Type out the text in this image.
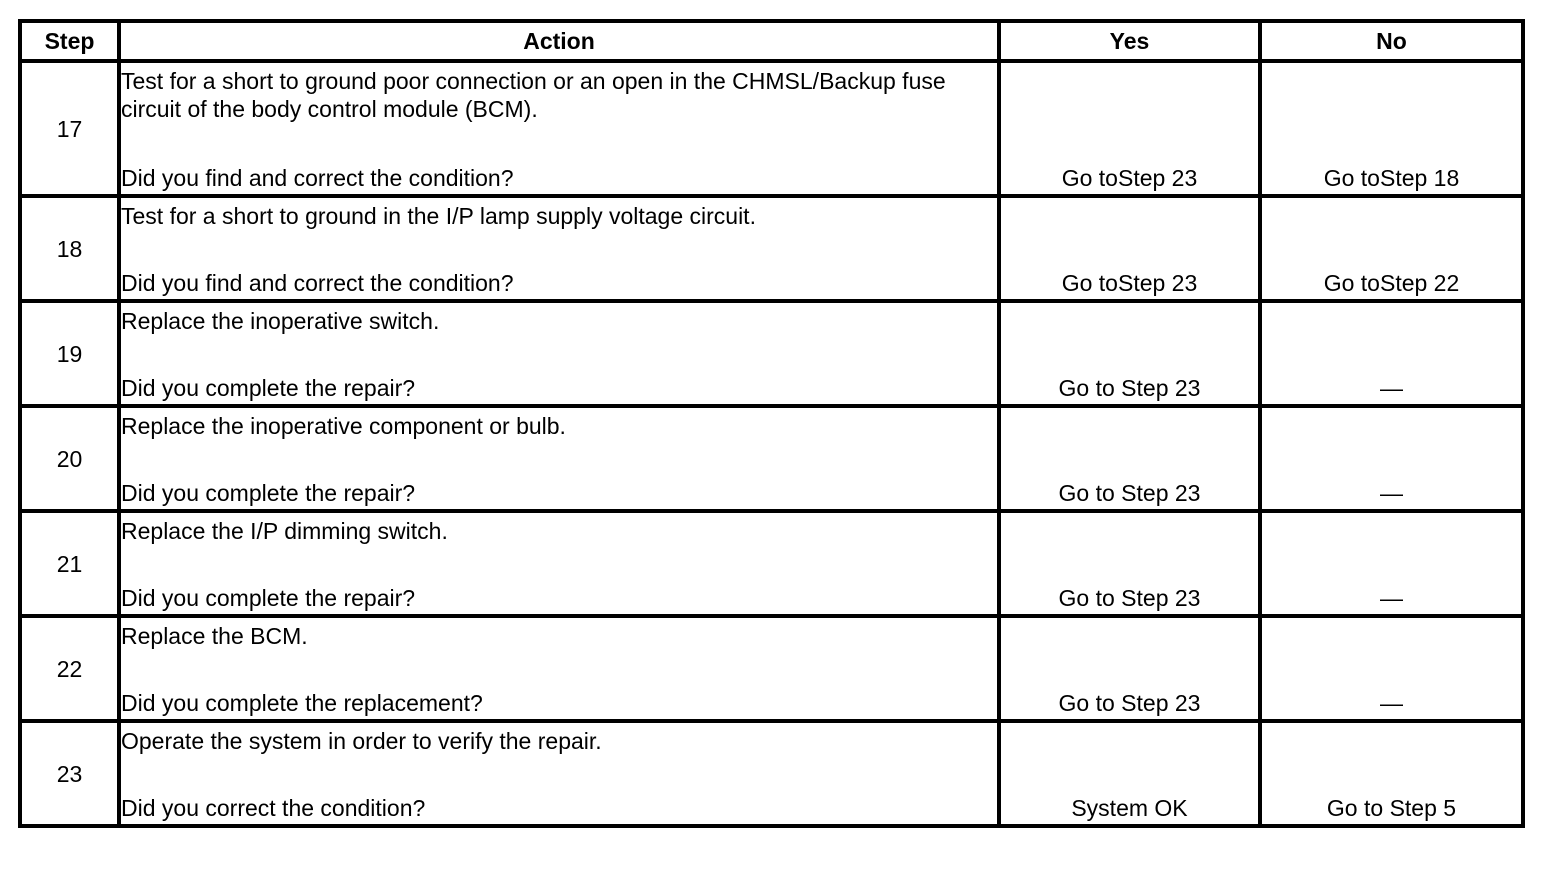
Step	Action	Yes	No
17	Test for a short to ground poor connection or an open in the CHMSL/Backup fuse circuit of the body control module (BCM).
Did you find and correct the condition?	Go toStep 23	Go toStep 18

18	Test for a short to ground in the I/P lamp supply voltage circuit.
Did you find and correct the condition?	Go toStep 23	Go toStep 22

19	Replace the inoperative switch.
Did you complete the repair?	Go to Step 23	—

20	Replace the inoperative component or bulb.
Did you complete the repair?	Go to Step 23	—

21	Replace the I/P dimming switch.
Did you complete the repair?	Go to Step 23	—

22	Replace the BCM.
Did you complete the replacement?	Go to Step 23	—

23	Operate the system in order to verify the repair.
Did you correct the condition?	System OK	Go to Step 5
